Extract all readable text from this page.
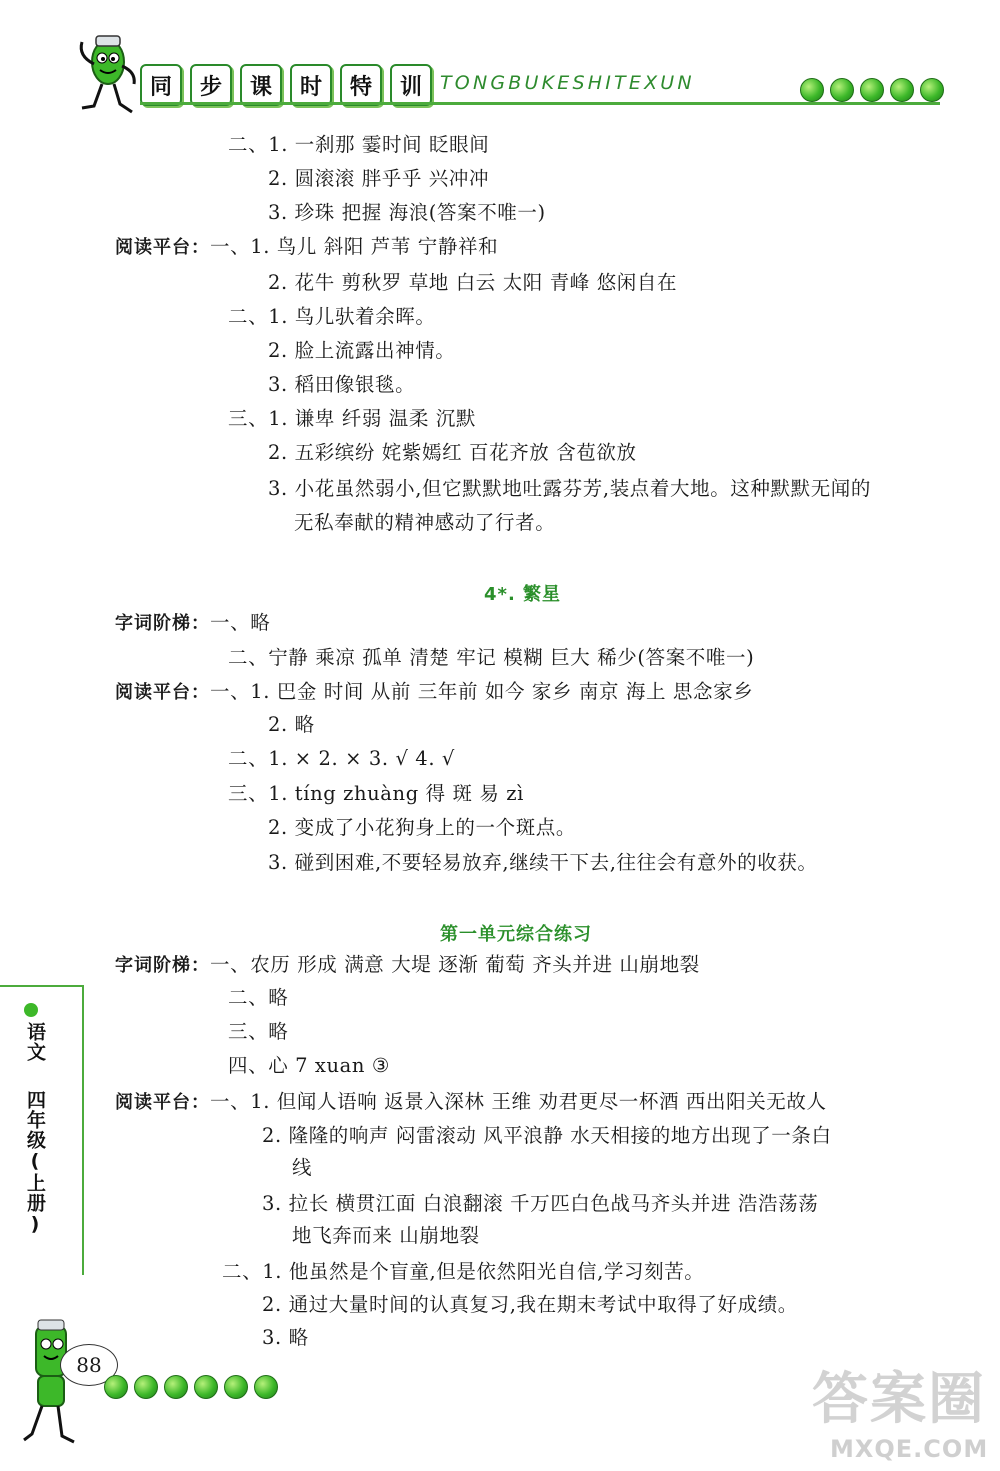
同	步	课	时	特	训 TONGBUKESHITEXUN
二、1. 一刹那 霎时间 眨眼间
2. 圆滚滚 胖乎乎 兴冲冲
3. 珍珠 把握 海浪(答案不唯一)
阅读平台：一、1. 鸟儿 斜阳 芦苇 宁静祥和
2. 花牛 剪秋罗 草地 白云 太阳 青峰 悠闲自在
二、1. 鸟儿驮着余晖。
2. 脸上流露出神情。
3. 稻田像银毯。
三、1. 谦卑 纤弱 温柔 沉默
2. 五彩缤纷 姹紫嫣红 百花齐放 含苞欲放
3. 小花虽然弱小,但它默默地吐露芬芳,装点着大地。这种默默无闻的
无私奉献的精神感动了行者。
4*. 繁星
字词阶梯：一、略
二、宁静 乘凉 孤单 清楚 牢记 模糊 巨大 稀少(答案不唯一)
阅读平台：一、1. 巴金 时间 从前 三年前 如今 家乡 南京 海上 思念家乡
2. 略
二、1. × 2. × 3. √ 4. √
三、1. tíng zhuàng 得 斑 易 zì
2. 变成了小花狗身上的一个斑点。
3. 碰到困难,不要轻易放弃,继续干下去,往往会有意外的收获。
第一单元综合练习
字词阶梯：一、农历 形成 满意 大堤 逐渐 葡萄 齐头并进 山崩地裂
二、略
三、略
四、心 7 xuan ③
阅读平台：一、1. 但闻人语响 返景入深林 王维 劝君更尽一杯酒 西出阳关无故人
2. 隆隆的响声 闷雷滚动 风平浪静 水天相接的地方出现了一条白
线
3. 拉长 横贯江面 白浪翻滚 千万匹白色战马齐头并进 浩浩荡荡
地飞奔而来 山崩地裂
二、1. 他虽然是个盲童,但是依然阳光自信,学习刻苦。
2. 通过大量时间的认真复习,我在期末考试中取得了好成绩。
3. 略
语文
四年级(上册)
88
答 案 圈
MXQE.COM
